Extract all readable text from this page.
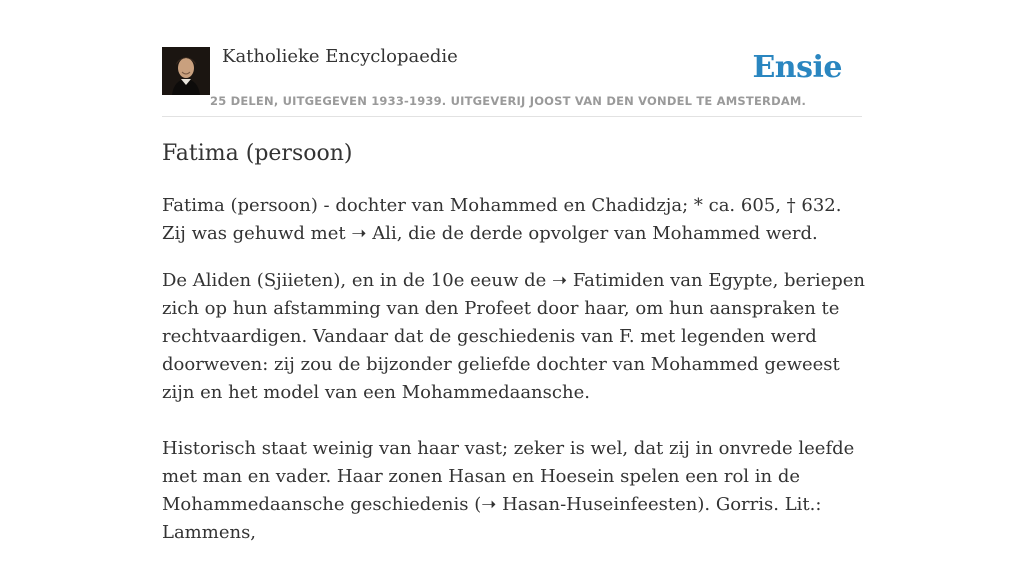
Katholieke Encyclopaedie
25 DELEN, UITGEGEVEN 1933-1939. UITGEVERIJ JOOST VAN DEN VONDEL TE AMSTERDAM.
Ensie
Fatima (persoon)

Fatima (persoon) - dochter van Mohammed en Chadidzja; * ca. 605, † 632. Zij was gehuwd met ➝ Ali, die de derde opvolger van Mohammed werd.

De Aliden (Sjiieten), en in de 10e eeuw de ➝ Fatimiden van Egypte, beriepen zich op hun afstamming van den Profeet door haar, om hun aanspraken te rechtvaardigen. Vandaar dat de geschiedenis van F. met legenden werd doorweven: zij zou de bijzonder geliefde dochter van Mohammed geweest zijn en het model van een Mohammedaansche.

Historisch staat weinig van haar vast; zeker is wel, dat zij in onvrede leefde met man en vader. Haar zonen Hasan en Hoesein spelen een rol in de Mohammedaansche geschiedenis (➝ Hasan-Huseinfeesten). Gorris. Lit.: Lammens,
